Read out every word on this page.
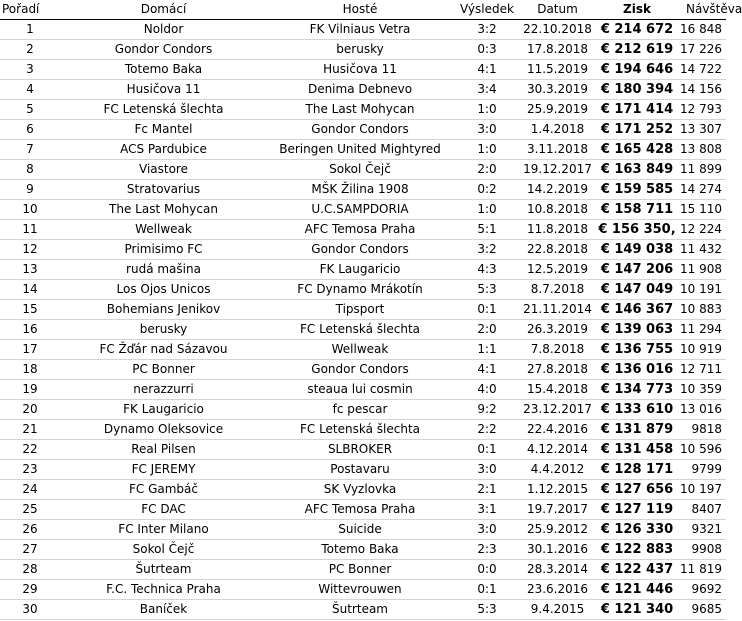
Pořadí	Domácí	Hosté	Výsledek	Datum	Zisk	Návštěva
1	Noldor	FK Vilniaus Vetra	3:2	22.10.2018	€ 214 672	16 848
2	Gondor Condors	berusky	0:3	17.8.2018	€ 212 619	17 226
3	Totemo Baka	Husičova 11	4:1	11.5.2019	€ 194 646	14 722
4	Husičova 11	Denima Debnevo	3:4	30.3.2019	€ 180 394	14 156
5	FC Letenská šlechta	The Last Mohycan	1:0	25.9.2019	€ 171 414	12 793
6	Fc Mantel	Gondor Condors	3:0	1.4.2018	€ 171 252	13 307
7	ACS Pardubice	Beringen United Mightyred	1:0	3.11.2018	€ 165 428	13 808
8	Viastore	Sokol Čejč	2:0	19.12.2017	€ 163 849	11 899
9	Stratovarius	MŠK Žilina 1908	0:2	14.2.2019	€ 159 585	14 274
10	The Last Mohycan	U.C.SAMPDORIA	1:0	10.8.2018	€ 158 711	15 110
11	Wellweak	AFC Temosa Praha	5:1	11.8.2018	€ 156 350,	12 224
12	Primisimo FC	Gondor Condors	3:2	22.8.2018	€ 149 038	11 432
13	rudá mašina	FK Laugaricio	4:3	12.5.2019	€ 147 206	11 908
14	Los Ojos Unicos	FC Dynamo Mrákotín	5:3	8.7.2018	€ 147 049	10 191
15	Bohemians Jenikov	Tipsport	0:1	21.11.2014	€ 146 367	10 883
16	berusky	FC Letenská šlechta	2:0	26.3.2019	€ 139 063	11 294
17	FC Žďár nad Sázavou	Wellweak	1:1	7.8.2018	€ 136 755	10 919
18	PC Bonner	Gondor Condors	4:1	27.8.2018	€ 136 016	12 711
19	nerazzurri	steaua lui cosmin	4:0	15.4.2018	€ 134 773	10 359
20	FK Laugaricio	fc pescar	9:2	23.12.2017	€ 133 610	13 016
21	Dynamo Oleksovice	FC Letenská šlechta	2:2	22.4.2016	€ 131 879	9818
22	Real Pilsen	SLBROKER	0:1	4.12.2014	€ 131 458	10 596
23	FC JEREMY	Postavaru	3:0	4.4.2012	€ 128 171	9799
24	FC Gambáč	SK Vyzlovka	2:1	1.12.2015	€ 127 656	10 197
25	FC DAC	AFC Temosa Praha	3:1	19.7.2017	€ 127 119	8407
26	FC Inter Milano	Suicide	3:0	25.9.2012	€ 126 330	9321
27	Sokol Čejč	Totemo Baka	2:3	30.1.2016	€ 122 883	9908
28	Šutrteam	PC Bonner	0:0	28.3.2014	€ 122 437	11 819
29	F.C. Technica Praha	Wittevrouwen	0:1	23.6.2016	€ 121 446	9692
30	Baníček	Šutrteam	5:3	9.4.2015	€ 121 340	9685
